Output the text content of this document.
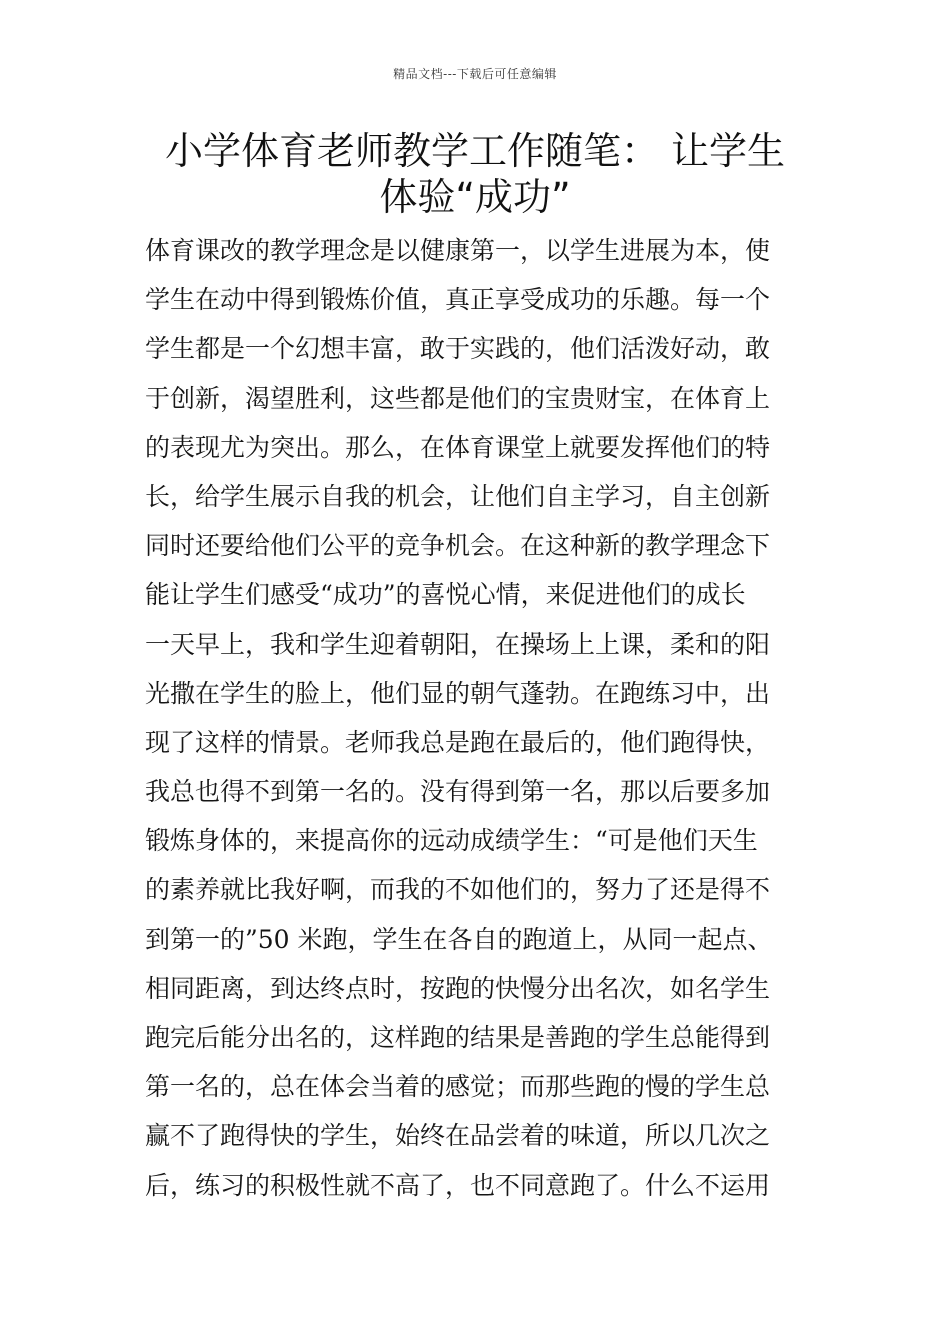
精品文档---下载后可任意编辑
小学体育老师教学工作随笔： 让学生
体验“成功”
体育课改的教学理念是以健康第一，以学生进展为本，使
学生在动中得到锻炼价值，真正享受成功的乐趣。每一个
学生都是一个幻想丰富，敢于实践的，他们活泼好动，敢
于创新，渴望胜利，这些都是他们的宝贵财宝，在体育上
的表现尤为突出。那么，在体育课堂上就要发挥他们的特
长，给学生展示自我的机会，让他们自主学习，自主创新
同时还要给他们公平的竞争机会。在这种新的教学理念下
能让学生们感受“成功”的喜悦心情，来促进他们的成长
一天早上，我和学生迎着朝阳，在操场上上课，柔和的阳
光撒在学生的脸上，他们显的朝气蓬勃。在跑练习中，出
现了这样的情景。老师我总是跑在最后的，他们跑得快，
我总也得不到第一名的。没有得到第一名，那以后要多加
锻炼身体的，来提高你的远动成绩学生：“可是他们天生
的素养就比我好啊，而我的不如他们的，努力了还是得不
到第一的”50 米跑，学生在各自的跑道上，从同一起点、
相同距离，到达终点时，按跑的快慢分出名次，如名学生
跑完后能分出名的，这样跑的结果是善跑的学生总能得到
第一名的，总在体会当着的感觉；而那些跑的慢的学生总
赢不了跑得快的学生，始终在品尝着的味道，所以几次之
后，练习的积极性就不高了，也不同意跑了。什么不运用
